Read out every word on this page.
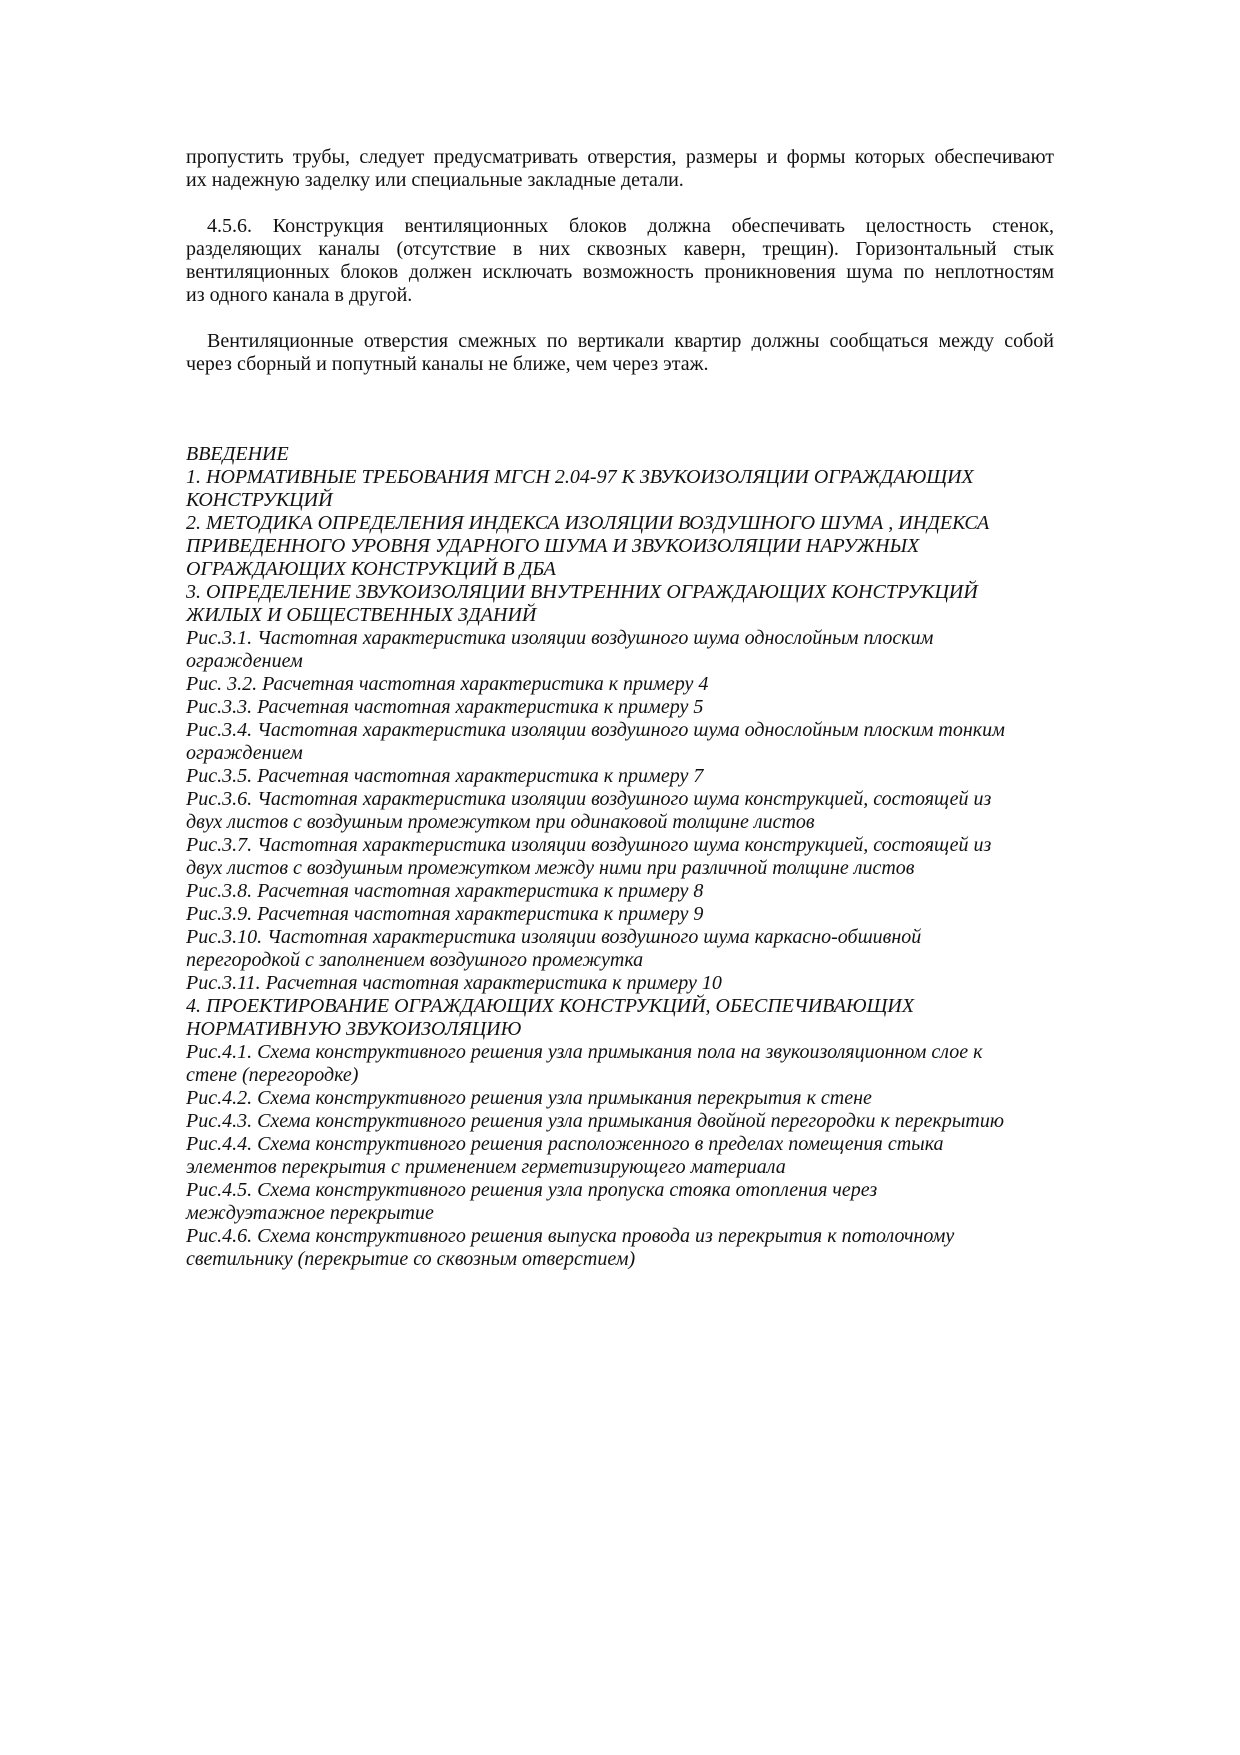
пропустить трубы, следует предусматривать отверстия, размеры и формы которых обеспечивают
их надежную заделку или специальные закладные детали.
4.5.6. Конструкция вентиляционных блоков должна обеспечивать целостность стенок,
разделяющих каналы (отсутствие в них сквозных каверн, трещин). Горизонтальный стык
вентиляционных блоков должен исключать возможность проникновения шума по неплотностям
из одного канала в другой.
Вентиляционные отверстия смежных по вертикали квартир должны сообщаться между собой
через сборный и попутный каналы не ближе, чем через этаж.
ВВЕДЕНИЕ
1. НОРМАТИВНЫЕ ТРЕБОВАНИЯ МГСН 2.04-97 К ЗВУКОИЗОЛЯЦИИ ОГРАЖДАЮЩИХ
КОНСТРУКЦИЙ
2. МЕТОДИКА ОПРЕДЕЛЕНИЯ ИНДЕКСА ИЗОЛЯЦИИ ВОЗДУШНОГО ШУМА , ИНДЕКСА
ПРИВЕДЕННОГО УРОВНЯ УДАРНОГО ШУМА И ЗВУКОИЗОЛЯЦИИ НАРУЖНЫХ
ОГРАЖДАЮЩИХ КОНСТРУКЦИЙ В ДБА
3. ОПРЕДЕЛЕНИЕ ЗВУКОИЗОЛЯЦИИ ВНУТРЕННИХ ОГРАЖДАЮЩИХ КОНСТРУКЦИЙ
ЖИЛЫХ И ОБЩЕСТВЕННЫХ ЗДАНИЙ
Рис.3.1. Частотная характеристика изоляции воздушного шума однослойным плоским
ограждением
Рис. 3.2. Расчетная частотная характеристика к примеру 4
Рис.3.3. Расчетная частотная характеристика к примеру 5
Рис.3.4. Частотная характеристика изоляции воздушного шума однослойным плоским тонким
ограждением
Рис.3.5. Расчетная частотная характеристика к примеру 7
Рис.3.6. Частотная характеристика изоляции воздушного шума конструкцией, состоящей из
двух листов с воздушным промежутком при одинаковой толщине листов
Рис.3.7. Частотная характеристика изоляции воздушного шума конструкцией, состоящей из
двух листов с воздушным промежутком между ними при различной толщине листов
Рис.3.8. Расчетная частотная характеристика к примеру 8
Рис.3.9. Расчетная частотная характеристика к примеру 9
Рис.3.10. Частотная характеристика изоляции воздушного шума каркасно-обшивной
перегородкой с заполнением воздушного промежутка
Рис.3.11. Расчетная частотная характеристика к примеру 10
4. ПРОЕКТИРОВАНИЕ ОГРАЖДАЮЩИХ КОНСТРУКЦИЙ, ОБЕСПЕЧИВАЮЩИХ
НОРМАТИВНУЮ ЗВУКОИЗОЛЯЦИЮ
Рис.4.1. Схема конструктивного решения узла примыкания пола на звукоизоляционном слое к
стене (перегородке)
Рис.4.2. Схема конструктивного решения узла примыкания перекрытия к стене
Рис.4.3. Схема конструктивного решения узла примыкания двойной перегородки к перекрытию
Рис.4.4. Схема конструктивного решения расположенного в пределах помещения стыка
элементов перекрытия с применением герметизирующего материала
Рис.4.5. Схема конструктивного решения узла пропуска стояка отопления через
междуэтажное перекрытие
Рис.4.6. Схема конструктивного решения выпуска провода из перекрытия к потолочному
светильнику (перекрытие со сквозным отверстием)
